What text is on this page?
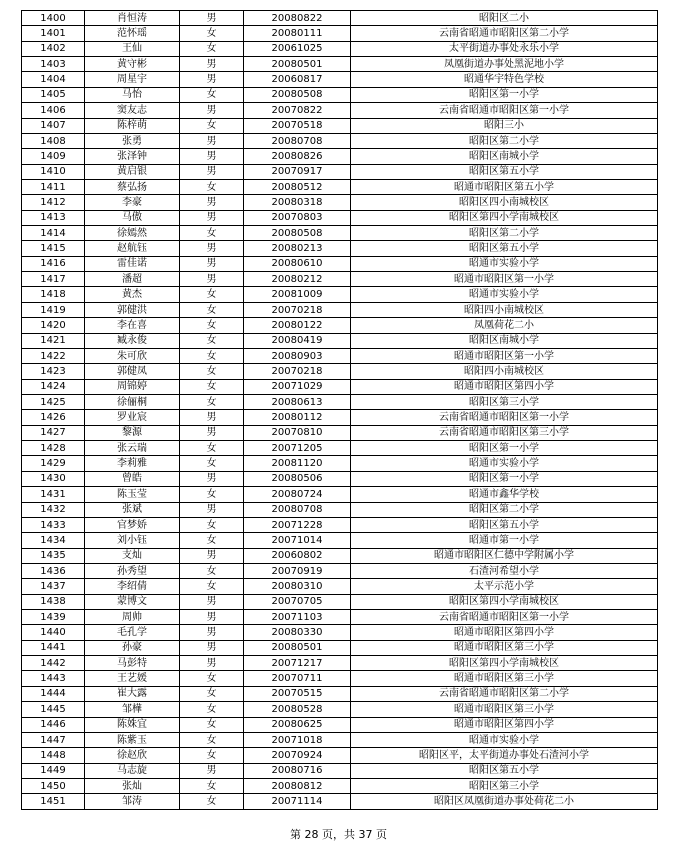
1400	肖恒涛	男	20080822	昭阳区二小
1401	范怀瑶	女	20080111	云南省昭通市昭阳区第二小学
1402	王仙	女	20061025	太平街道办事处永乐小学
1403	黄守彬	男	20080501	凤凰街道办事处黑泥地小学
1404	周星宇	男	20060817	昭通华宇特色学校
1405	马怡	女	20080508	昭阳区第一小学
1406	窦友志	男	20070822	云南省昭通市昭阳区第一小学
1407	陈梓萌	女	20070518	昭阳三小
1408	张勇	男	20080708	昭阳区第二小学
1409	张泽钟	男	20080826	昭阳区南城小学
1410	黄启银	男	20070917	昭阳区第五小学
1411	蔡弘扬	女	20080512	昭通市昭阳区第五小学
1412	李豪	男	20080318	昭阳区四小南城校区
1413	马傲	男	20070803	昭阳区第四小学南城校区
1414	徐嫣然	女	20080508	昭阳区第二小学
1415	赵航钰	男	20080213	昭阳区第五小学
1416	雷佳诺	男	20080610	昭通市实验小学
1417	潘超	男	20080212	昭通市昭阳区第一小学
1418	黄杰	女	20081009	昭通市实验小学
1419	郭健洪	女	20070218	昭阳四小南城校区
1420	李在喜	女	20080122	凤凰荷花二小
1421	臧永俊	女	20080419	昭阳区南城小学
1422	朱可欣	女	20080903	昭通市昭阳区第一小学
1423	郭健凤	女	20070218	昭阳四小南城校区
1424	周锦婷	女	20071029	昭通市昭阳区第四小学
1425	徐俪桐	女	20080613	昭阳区第三小学
1426	罗业宸	男	20080112	云南省昭通市昭阳区第一小学
1427	黎源	男	20070810	云南省昭通市昭阳区第三小学
1428	张云瑞	女	20071205	昭阳区第一小学
1429	李莉雅	女	20081120	昭通市实验小学
1430	曾皓	男	20080506	昭阳区第一小学
1431	陈玉莹	女	20080724	昭通市鑫华学校
1432	张斌	男	20080708	昭阳区第二小学
1433	官梦娇	女	20071228	昭阳区第五小学
1434	刘小钰	女	20071014	昭通市第一小学
1435	支灿	男	20060802	昭通市昭阳区仁德中学附属小学
1436	孙秀望	女	20070919	石渣河希望小学
1437	李绍倩	女	20080310	太平示范小学
1438	蒙博文	男	20070705	昭阳区第四小学南城校区
1439	周帅	男	20071103	云南省昭通市昭阳区第一小学
1440	毛孔学	男	20080330	昭通市昭阳区第四小学
1441	孙豪	男	20080501	昭通市昭阳区第三小学
1442	马彭特	男	20071217	昭阳区第四小学南城校区
1443	王艺媛	女	20070711	昭通市昭阳区第三小学
1444	崔大露	女	20070515	云南省昭通市昭阳区第二小学
1445	邹樺	女	20080528	昭通市昭阳区第三小学
1446	陈姝宜	女	20080625	昭通市昭阳区第四小学
1447	陈紫玉	女	20071018	昭通市实验小学
1448	徐赵欣	女	20070924	昭阳区平，太平街道办事处石渣河小学
1449	马志旋	男	20080716	昭阳区第五小学
1450	张灿	女	20080812	昭阳区第三小学
1451	邹涛	女	20071114	昭阳区凤凰街道办事处荷花二小
第 28 页，共 37 页
